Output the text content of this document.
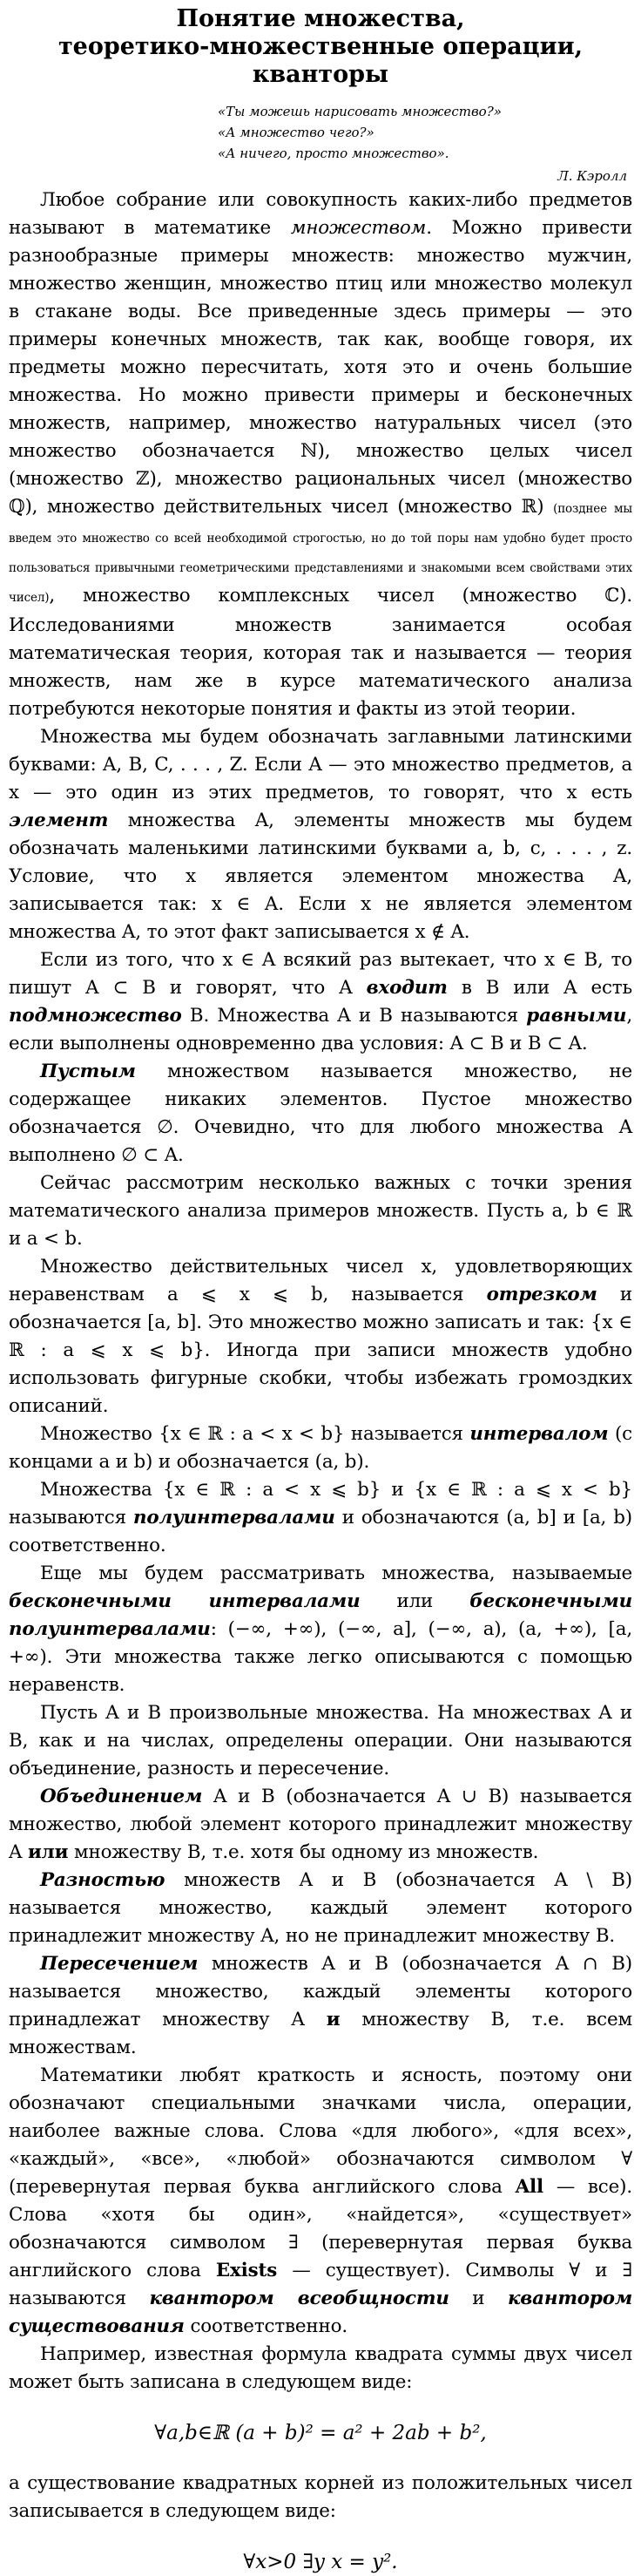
Понятие множества,
теоретико-множественные операции, кванторы

«Ты можешь нарисовать множество?»

«А множество чего?»

«А ничего, просто множество».

Л. Кэролл

Любое собрание или совокупность каких-либо предметов называют в математике множеством. Можно привести разнообразные примеры множеств: множество мужчин, множество женщин, множество птиц или множество молекул в стакане воды. Все приведенные здесь примеры — это примеры конечных множеств, так как, вообще говоря, их предметы можно пересчитать, хотя это и очень большие множества. Но можно привести примеры и бесконечных множеств, например, множество натуральных чисел (это множество обозначается ℕ), множество целых чисел (множество ℤ), множество рациональных чисел (множество ℚ), множество действительных чисел (множество ℝ) (позднее мы введем это множество со всей необходимой строгостью, но до той поры нам удобно будет просто пользоваться привычными геометрическими представлениями и знакомыми всем свойствами этих чисел), множество комплексных чисел (множество ℂ). Исследованиями множеств занимается особая математическая теория, которая так и называется — теория множеств, нам же в курсе математического анализа потребуются некоторые понятия и факты из этой теории.

Множества мы будем обозначать заглавными латинскими буквами: A, B, C, . . . , Z. Если A — это множество предметов, а x — это один из этих предметов, то говорят, что x есть элемент множества A, элементы множеств мы будем обозначать маленькими латинскими буквами a, b, c, . . . , z. Условие, что x является элементом множества A, записывается так: x ∈ A. Если x не является элементом множества A, то этот факт записывается x ∉ A.

Если из того, что x ∈ A всякий раз вытекает, что x ∈ B, то пишут A ⊂ B и говорят, что A входит в B или A есть подмножество B. Множества A и B называются равными, если выполнены одновременно два условия: A ⊂ B и B ⊂ A.

Пустым множеством называется множество, не содержащее никаких элементов. Пустое множество обозначается ∅. Очевидно, что для любого множества A выполнено ∅ ⊂ A.

Сейчас рассмотрим несколько важных с точки зрения математического анализа примеров множеств. Пусть a, b ∈ ℝ и a < b.

Множество действительных чисел x, удовлетворяющих неравенствам a ⩽ x ⩽ b, называется отрезком и обозначается [a, b]. Это множество можно записать и так: {x ∈ ℝ : a ⩽ x ⩽ b}. Иногда при записи множеств удобно использовать фигурные скобки, чтобы избежать громоздких описаний.

Множество {x ∈ ℝ : a < x < b} называется интервалом (с концами a и b) и обозначается (a, b).

Множества {x ∈ ℝ : a < x ⩽ b} и {x ∈ ℝ : a ⩽ x < b} называются полуинтервалами и обозначаются (a, b] и [a, b) соответственно.

Еще мы будем рассматривать множества, называемые бесконечными интервалами или бесконечными полуинтервалами: (−∞, +∞), (−∞, a], (−∞, a), (a, +∞), [a, +∞). Эти множества также легко описываются с помощью неравенств.

Пусть A и B произвольные множества. На множествах A и B, как и на числах, определены операции. Они называются объединение, разность и пересечение.

Объединением A и B (обозначается A ∪ B) называется множество, любой элемент которого принадлежит множеству A или множеству B, т.е. хотя бы одному из множеств.

Разностью множеств A и B (обозначается A \ B) называется множество, каждый элемент которого принадлежит множеству A, но не принадлежит множеству B.

Пересечением множеств A и B (обозначается A ∩ B) называется множество, каждый элементы которого принадлежат множеству A и множеству B, т.е. всем множествам.

Математики любят краткость и ясность, поэтому они обозначают специальными значками числа, операции, наиболее важные слова. Слова «для любого», «для всех», «каждый», «все», «любой» обозначаются символом ∀ (перевернутая первая буква английского слова All — все). Слова «хотя бы один», «найдется», «существует» обозначаются символом ∃ (перевернутая первая буква английского слова Exists — существует). Символы ∀ и ∃ называются квантором всеобщности и квантором существования соответственно.

Например, известная формула квадрата суммы двух чисел может быть записана в следующем виде:

∀a,b∈ℝ (a + b)² = a² + 2ab + b²,

а существование квадратных корней из положительных чисел записывается в следующем виде:

∀x>0 ∃y x = y².
